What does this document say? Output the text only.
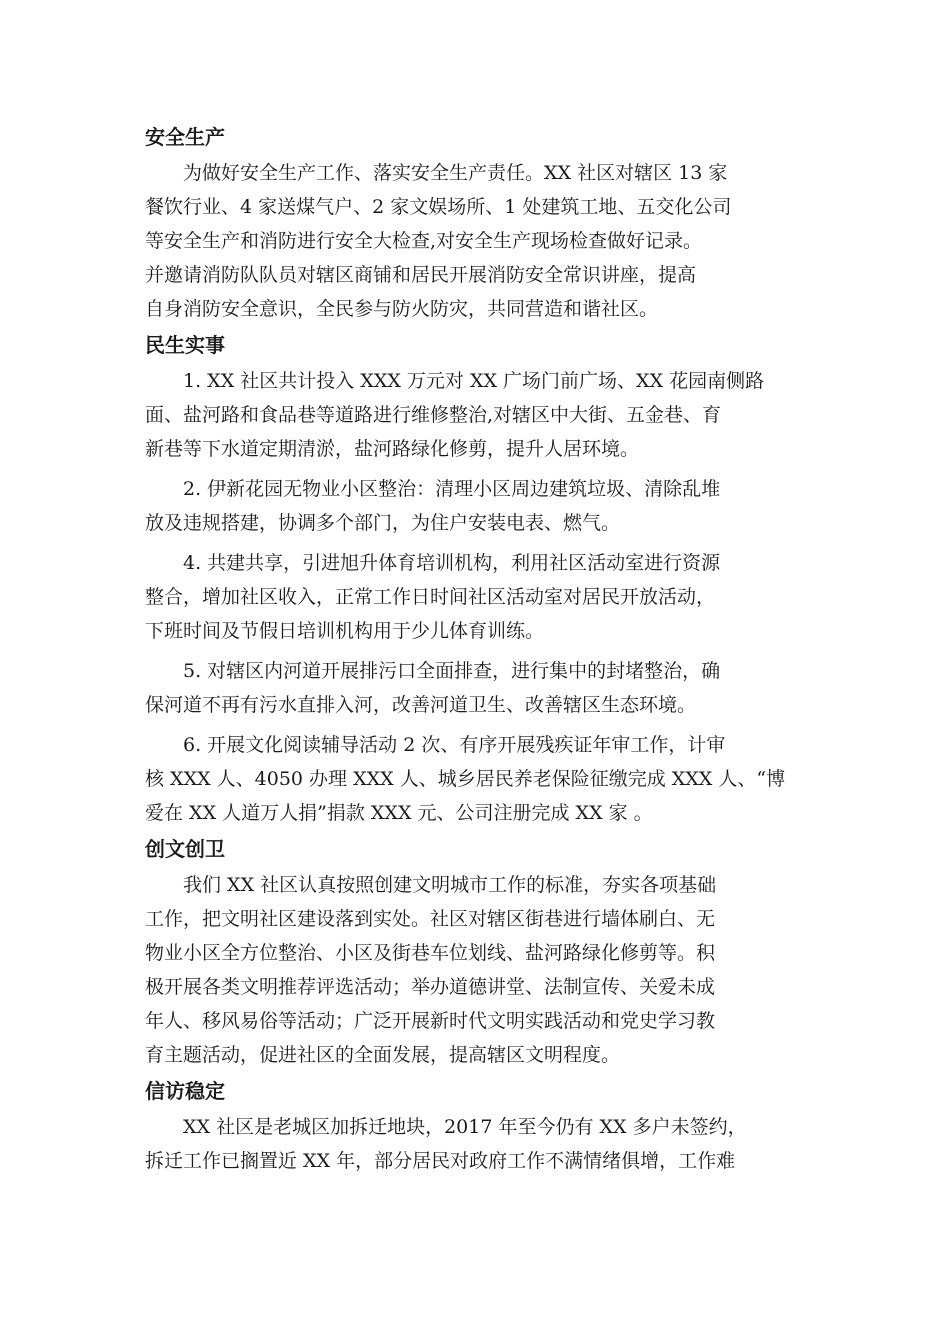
安全生产
为做好安全生产工作、落实安全生产责任。XX 社区对辖区 13 家
餐饮行业、4 家送煤气户、2 家文娱场所、1 处建筑工地、五交化公司
等安全生产和消防进行安全大检查,对安全生产现场检查做好记录。
并邀请消防队队员对辖区商铺和居民开展消防安全常识讲座，提高
自身消防安全意识，全民参与防火防灾，共同营造和谐社区。
民生实事
1. XX 社区共计投入 XXX 万元对 XX 广场门前广场、XX 花园南侧路
面、盐河路和食品巷等道路进行维修整治,对辖区中大街、五金巷、育
新巷等下水道定期清淤，盐河路绿化修剪，提升人居环境。
2. 伊新花园无物业小区整治：清理小区周边建筑垃圾、清除乱堆
放及违规搭建，协调多个部门，为住户安装电表、燃气。
4. 共建共享，引进旭升体育培训机构，利用社区活动室进行资源
整合，增加社区收入，正常工作日时间社区活动室对居民开放活动，
下班时间及节假日培训机构用于少儿体育训练。
5. 对辖区内河道开展排污口全面排查，进行集中的封堵整治，确
保河道不再有污水直排入河，改善河道卫生、改善辖区生态环境。
6. 开展文化阅读辅导活动 2 次、有序开展残疾证年审工作，计审
核 XXX 人、4050 办理 XXX 人、城乡居民养老保险征缴完成 XXX 人、“博
爱在 XX 人道万人捐”捐款 XXX 元、公司注册完成 XX 家 。
创文创卫
我们 XX 社区认真按照创建文明城市工作的标准，夯实各项基础
工作，把文明社区建设落到实处。社区对辖区街巷进行墙体刷白、无
物业小区全方位整治、小区及街巷车位划线、盐河路绿化修剪等。积
极开展各类文明推荐评选活动；举办道德讲堂、法制宣传、关爱未成
年人、移风易俗等活动；广泛开展新时代文明实践活动和党史学习教
育主题活动，促进社区的全面发展，提高辖区文明程度。
信访稳定
XX 社区是老城区加拆迁地块，2017 年至今仍有 XX 多户未签约，
拆迁工作已搁置近 XX 年，部分居民对政府工作不满情绪俱增，工作难
